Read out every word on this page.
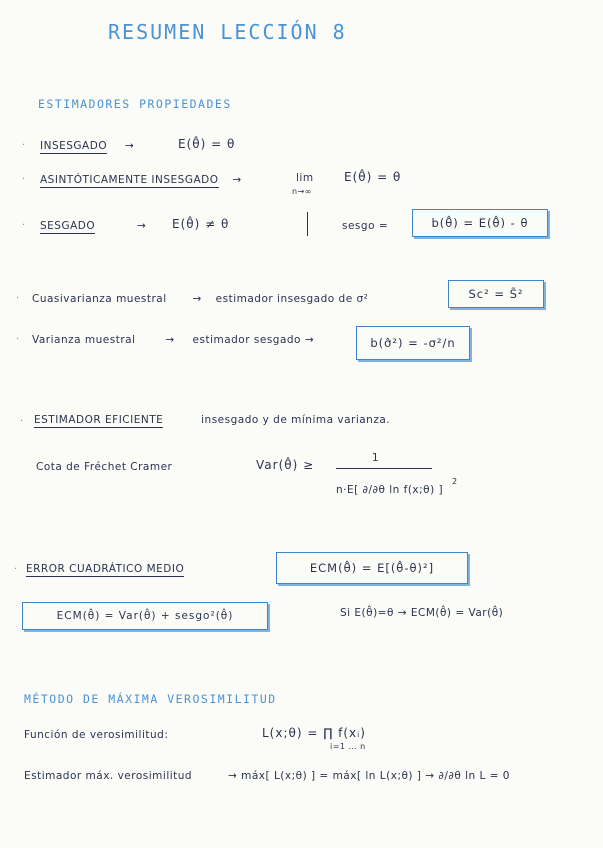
RESUMEN LECCIÓN 8
ESTIMADORES PROPIEDADES
· INSESGADO →	E(θ̂) = θ
· ASINTÓTICAMENTE INSESGADO →	lim
n→∞
E(θ̂) = θ
· SESGADO	→ E(θ̂) ≠ θ	sesgo =	b(θ̂) = E(θ̂) - θ
· Cuasivarianza muestral → estimador insesgado de σ²	Sc² = S̃²
· Varianza muestral	→ estimador sesgado →	b(σ̂²) = -σ²/n
· ESTIMADOR EFICIENTE	insesgado y de mínima varianza.
Cota de Fréchet Cramer	Var(θ̂) ≥	1
n·E[ ∂/∂θ ln f(x;θ) ]
2
· ERROR CUADRÁTICO MEDIO	ECM(θ̂) = E[(θ̂-θ)²]
ECM(θ̂) = Var(θ̂) + sesgo²(θ̂)	Si E(θ̂)=θ → ECM(θ̂) = Var(θ̂)
MÉTODO DE MÁXIMA VEROSIMILITUD
Función de verosimilitud:	L(x;θ) = ∏ f(xᵢ)
i=1 … n
Estimador máx. verosimilitud	→ máx[ L(x;θ) ] = máx[ ln L(x;θ) ] → ∂/∂θ ln L = 0
